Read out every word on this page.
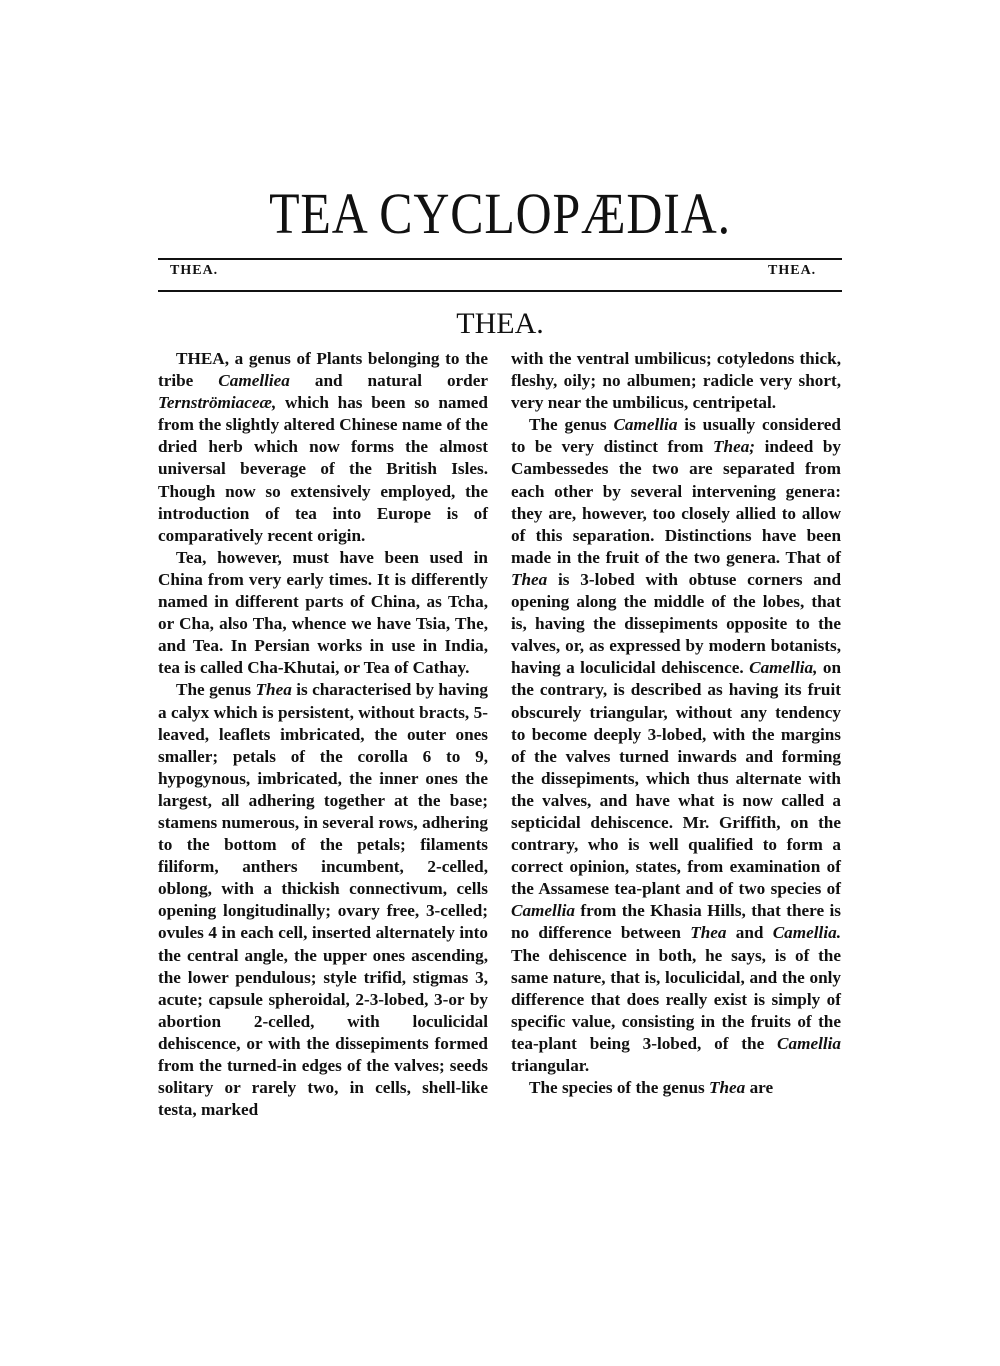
TEA CYCLOPÆDIA.
THEA.	THEA.
THEA.

THEA, a genus of Plants belonging to the tribe Camelliea and natural order Ternströmiaceæ, which has been so named from the slightly altered Chinese name of the dried herb which now forms the almost universal beverage of the British Isles. Though now so extensively employed, the introduction of tea into Europe is of comparatively recent origin.

Tea, however, must have been used in China from very early times. It is differently named in different parts of China, as Tcha, or Cha, also Tha, whence we have Tsia, The, and Tea. In Persian works in use in India, tea is called Cha-Khutai, or Tea of Cathay.

The genus Thea is characterised by having a calyx which is persistent, without bracts, 5-leaved, leaflets imbricated, the outer ones smaller; petals of the corolla 6 to 9, hypogynous, imbricated, the inner ones the largest, all adhering together at the base; stamens numerous, in several rows, adhering to the bottom of the petals; filaments filiform, anthers incumbent, 2-celled, oblong, with a thickish connectivum, cells opening longitudinally; ovary free, 3-celled; ovules 4 in each cell, inserted alternately into the central angle, the upper ones ascending, the lower pendulous; style trifid, stigmas 3, acute; capsule spheroidal, 2-3-lobed, 3-or by abortion 2-celled, with loculicidal dehiscence, or with the dissepiments formed from the turned-in edges of the valves; seeds solitary or rarely two, in cells, shell-like testa, marked

with the ventral umbilicus; cotyledons thick, fleshy, oily; no albumen; radicle very short, very near the umbilicus, centripetal.

The genus Camellia is usually considered to be very distinct from Thea; indeed by Cambessedes the two are separated from each other by several intervening genera: they are, however, too closely allied to allow of this separation. Distinctions have been made in the fruit of the two genera. That of Thea is 3-lobed with obtuse corners and opening along the middle of the lobes, that is, having the dissepiments opposite to the valves, or, as expressed by modern botanists, having a loculicidal dehiscence. Camellia, on the contrary, is described as having its fruit obscurely triangular, without any tendency to become deeply 3-lobed, with the margins of the valves turned inwards and forming the dissepiments, which thus alternate with the valves, and have what is now called a septicidal dehiscence. Mr. Griffith, on the contrary, who is well qualified to form a correct opinion, states, from examination of the Assamese tea-plant and of two species of Camellia from the Khasia Hills, that there is no difference between Thea and Camellia. The dehiscence in both, he says, is of the same nature, that is, loculicidal, and the only difference that does really exist is simply of specific value, consisting in the fruits of the tea-plant being 3-lobed, of the Camellia triangular.

The species of the genus Thea are
